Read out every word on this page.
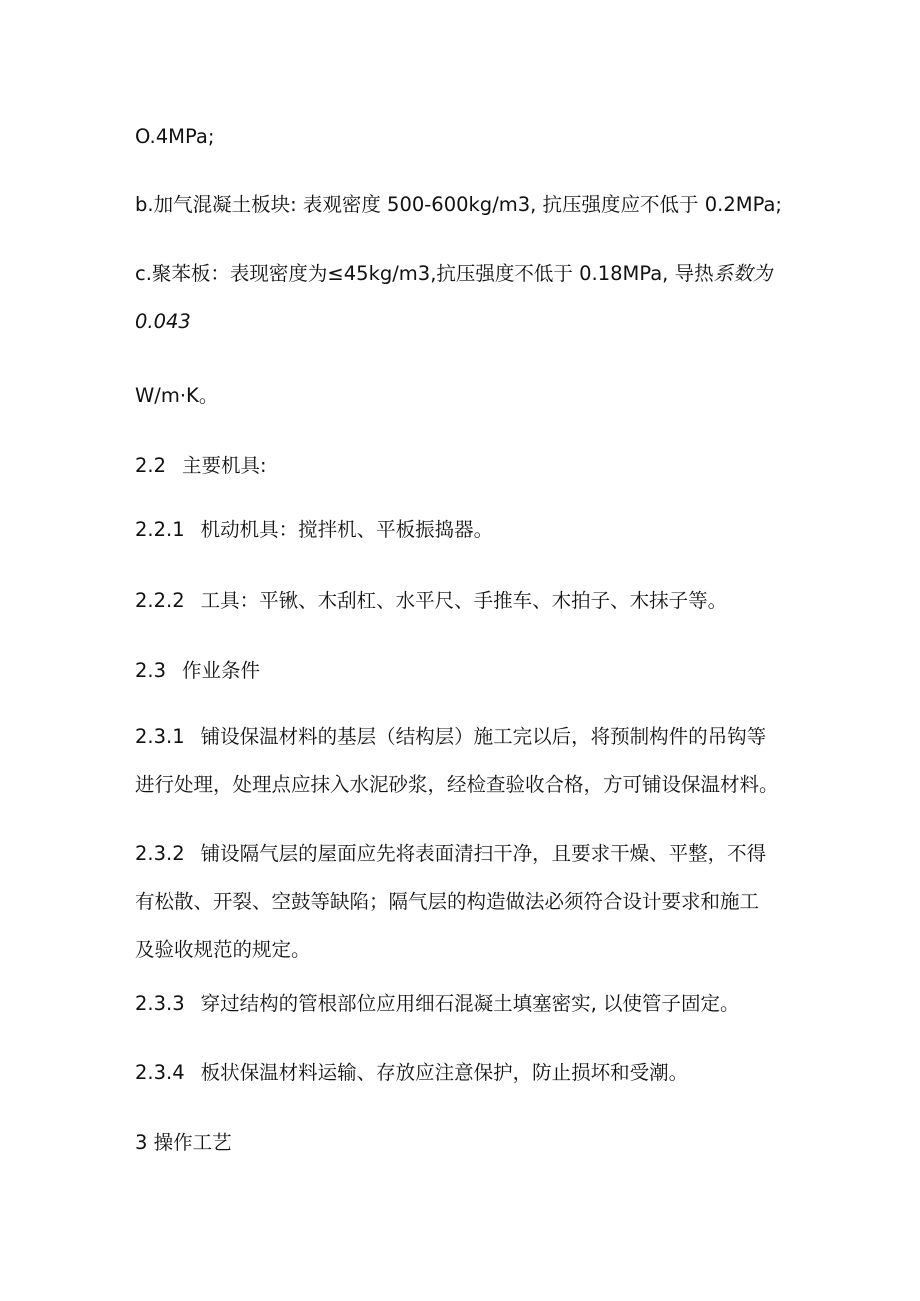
O.4MPa;

b.加气混凝土板块: 表观密度 500-600kg/m3, 抗压强度应不低于 0.2MPa;

c.聚苯板：表现密度为≤45kg/m3,抗压强度不低于 0.18MPa, 导热系数为

0.043

W/m·K。

2.2 主要机具:

2.2.1 机动机具：搅拌机、平板振捣器。

2.2.2 工具：平锹、木刮杠、水平尺、手推车、木拍子、木抹子等。

2.3 作业条件

2.3.1 铺设保温材料的基层（结构层）施工完以后，将预制构件的吊钩等

进行处理，处理点应抹入水泥砂浆，经检查验收合格，方可铺设保温材料。

2.3.2 铺设隔气层的屋面应先将表面清扫干净，且要求干燥、平整，不得

有松散、开裂、空鼓等缺陷；隔气层的构造做法必须符合设计要求和施工

及验收规范的规定。

2.3.3 穿过结构的管根部位应用细石混凝土填塞密实, 以使管子固定。

2.3.4 板状保温材料运输、存放应注意保护，防止损坏和受潮。

3 操作工艺
